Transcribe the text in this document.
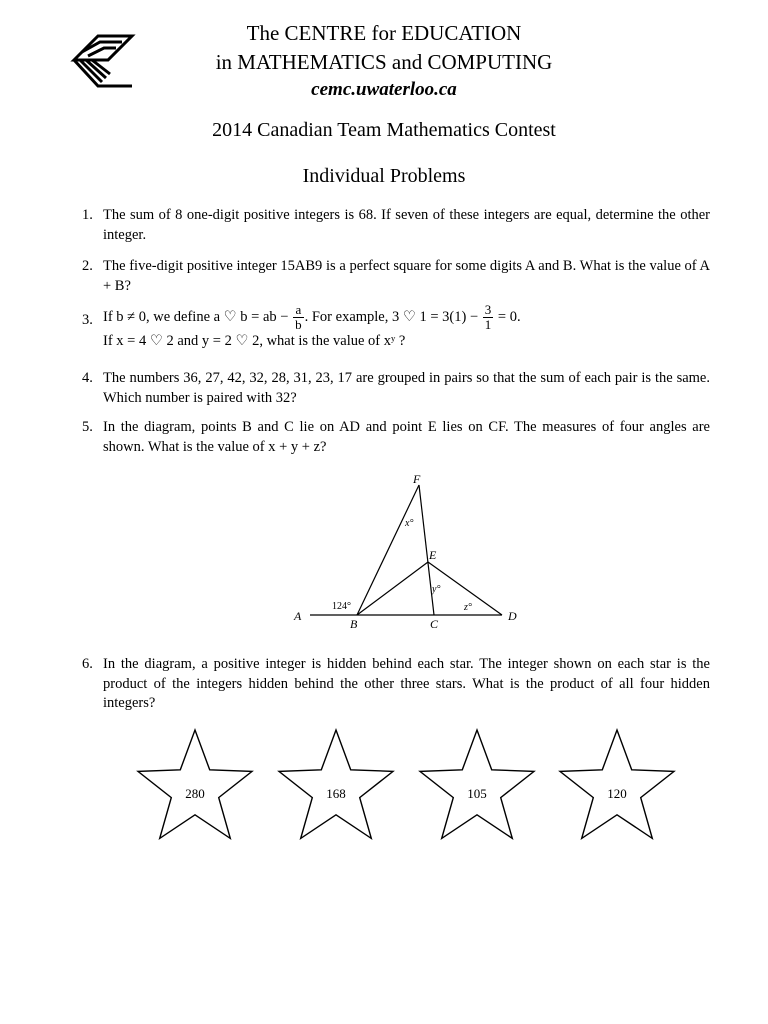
The CENTRE for EDUCATION
in MATHEMATICS and COMPUTING
cemc.uwaterloo.ca
2014 Canadian Team Mathematics Contest
Individual Problems
1. The sum of 8 one-digit positive integers is 68. If seven of these integers are equal, determine the other integer.

2. The five-digit positive integer 15AB9 is a perfect square for some digits A and B. What is the value of A + B?

3. If b ≠ 0, we define a ♡ b = ab − $\frac{a}{b}$ . For example, 3 ♡ $1 = 3(1) - \frac{3}{1} = 0$.

If x = 4 ♡ 2 and y = 2 ♡ 2, what is the value of xʸ ?

4. The numbers 36, 27, 42, 32, 28, 31, 23, 17 are grouped in pairs so that the sum of each pair is the same. Which number is paired with 32?

5. In the diagram, points B and C lie on AD and point E lies on CF. The measures of four angles are shown. What is the value of x + y + z?

A
B	C
D
E
F
124°
x°
y°
z°
6. In the diagram, a positive integer is hidden behind each star. The integer shown on each star is the product of the integers hidden behind the other three stars. What is the product of all four hidden integers?

280	168	105	120
